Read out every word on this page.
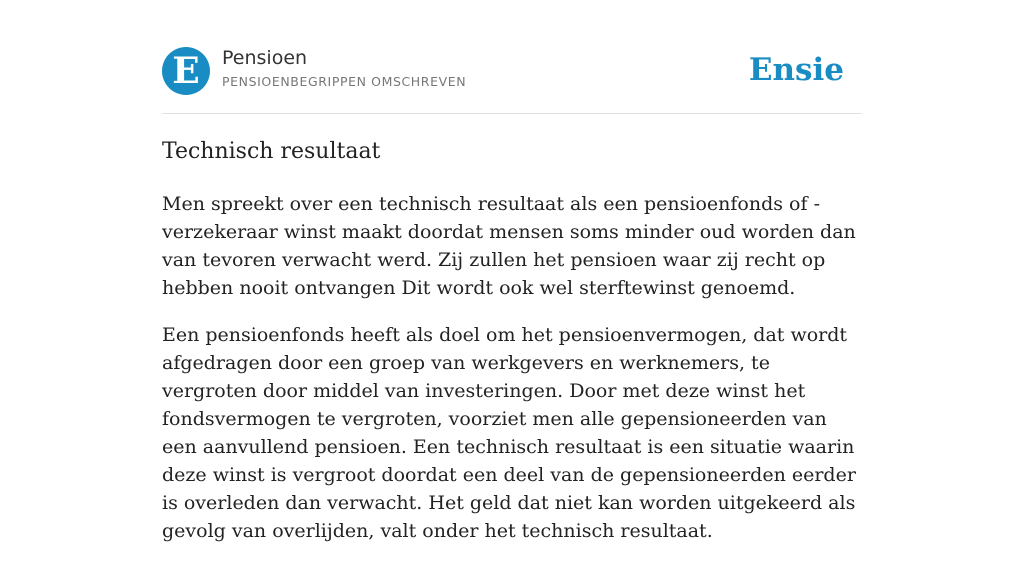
E	Pensioen
PENSIOENBEGRIPPEN OMSCHREVEN	Ensie
Technisch resultaat

Men spreekt over een technisch resultaat als een pensioenfonds of -verzekeraar winst maakt doordat mensen soms minder oud worden dan van tevoren verwacht werd. Zij zullen het pensioen waar zij recht op hebben nooit ontvangen Dit wordt ook wel sterftewinst genoemd.

Een pensioenfonds heeft als doel om het pensioenvermogen, dat wordt afgedragen door een groep van werkgevers en werknemers, te vergroten door middel van investeringen. Door met deze winst het fondsvermogen te vergroten, voorziet men alle gepensioneerden van een aanvullend pensioen. Een technisch resultaat is een situatie waarin deze winst is vergroot doordat een deel van de gepensioneerden eerder is overleden dan verwacht. Het geld dat niet kan worden uitgekeerd als gevolg van overlijden, valt onder het technisch resultaat.
